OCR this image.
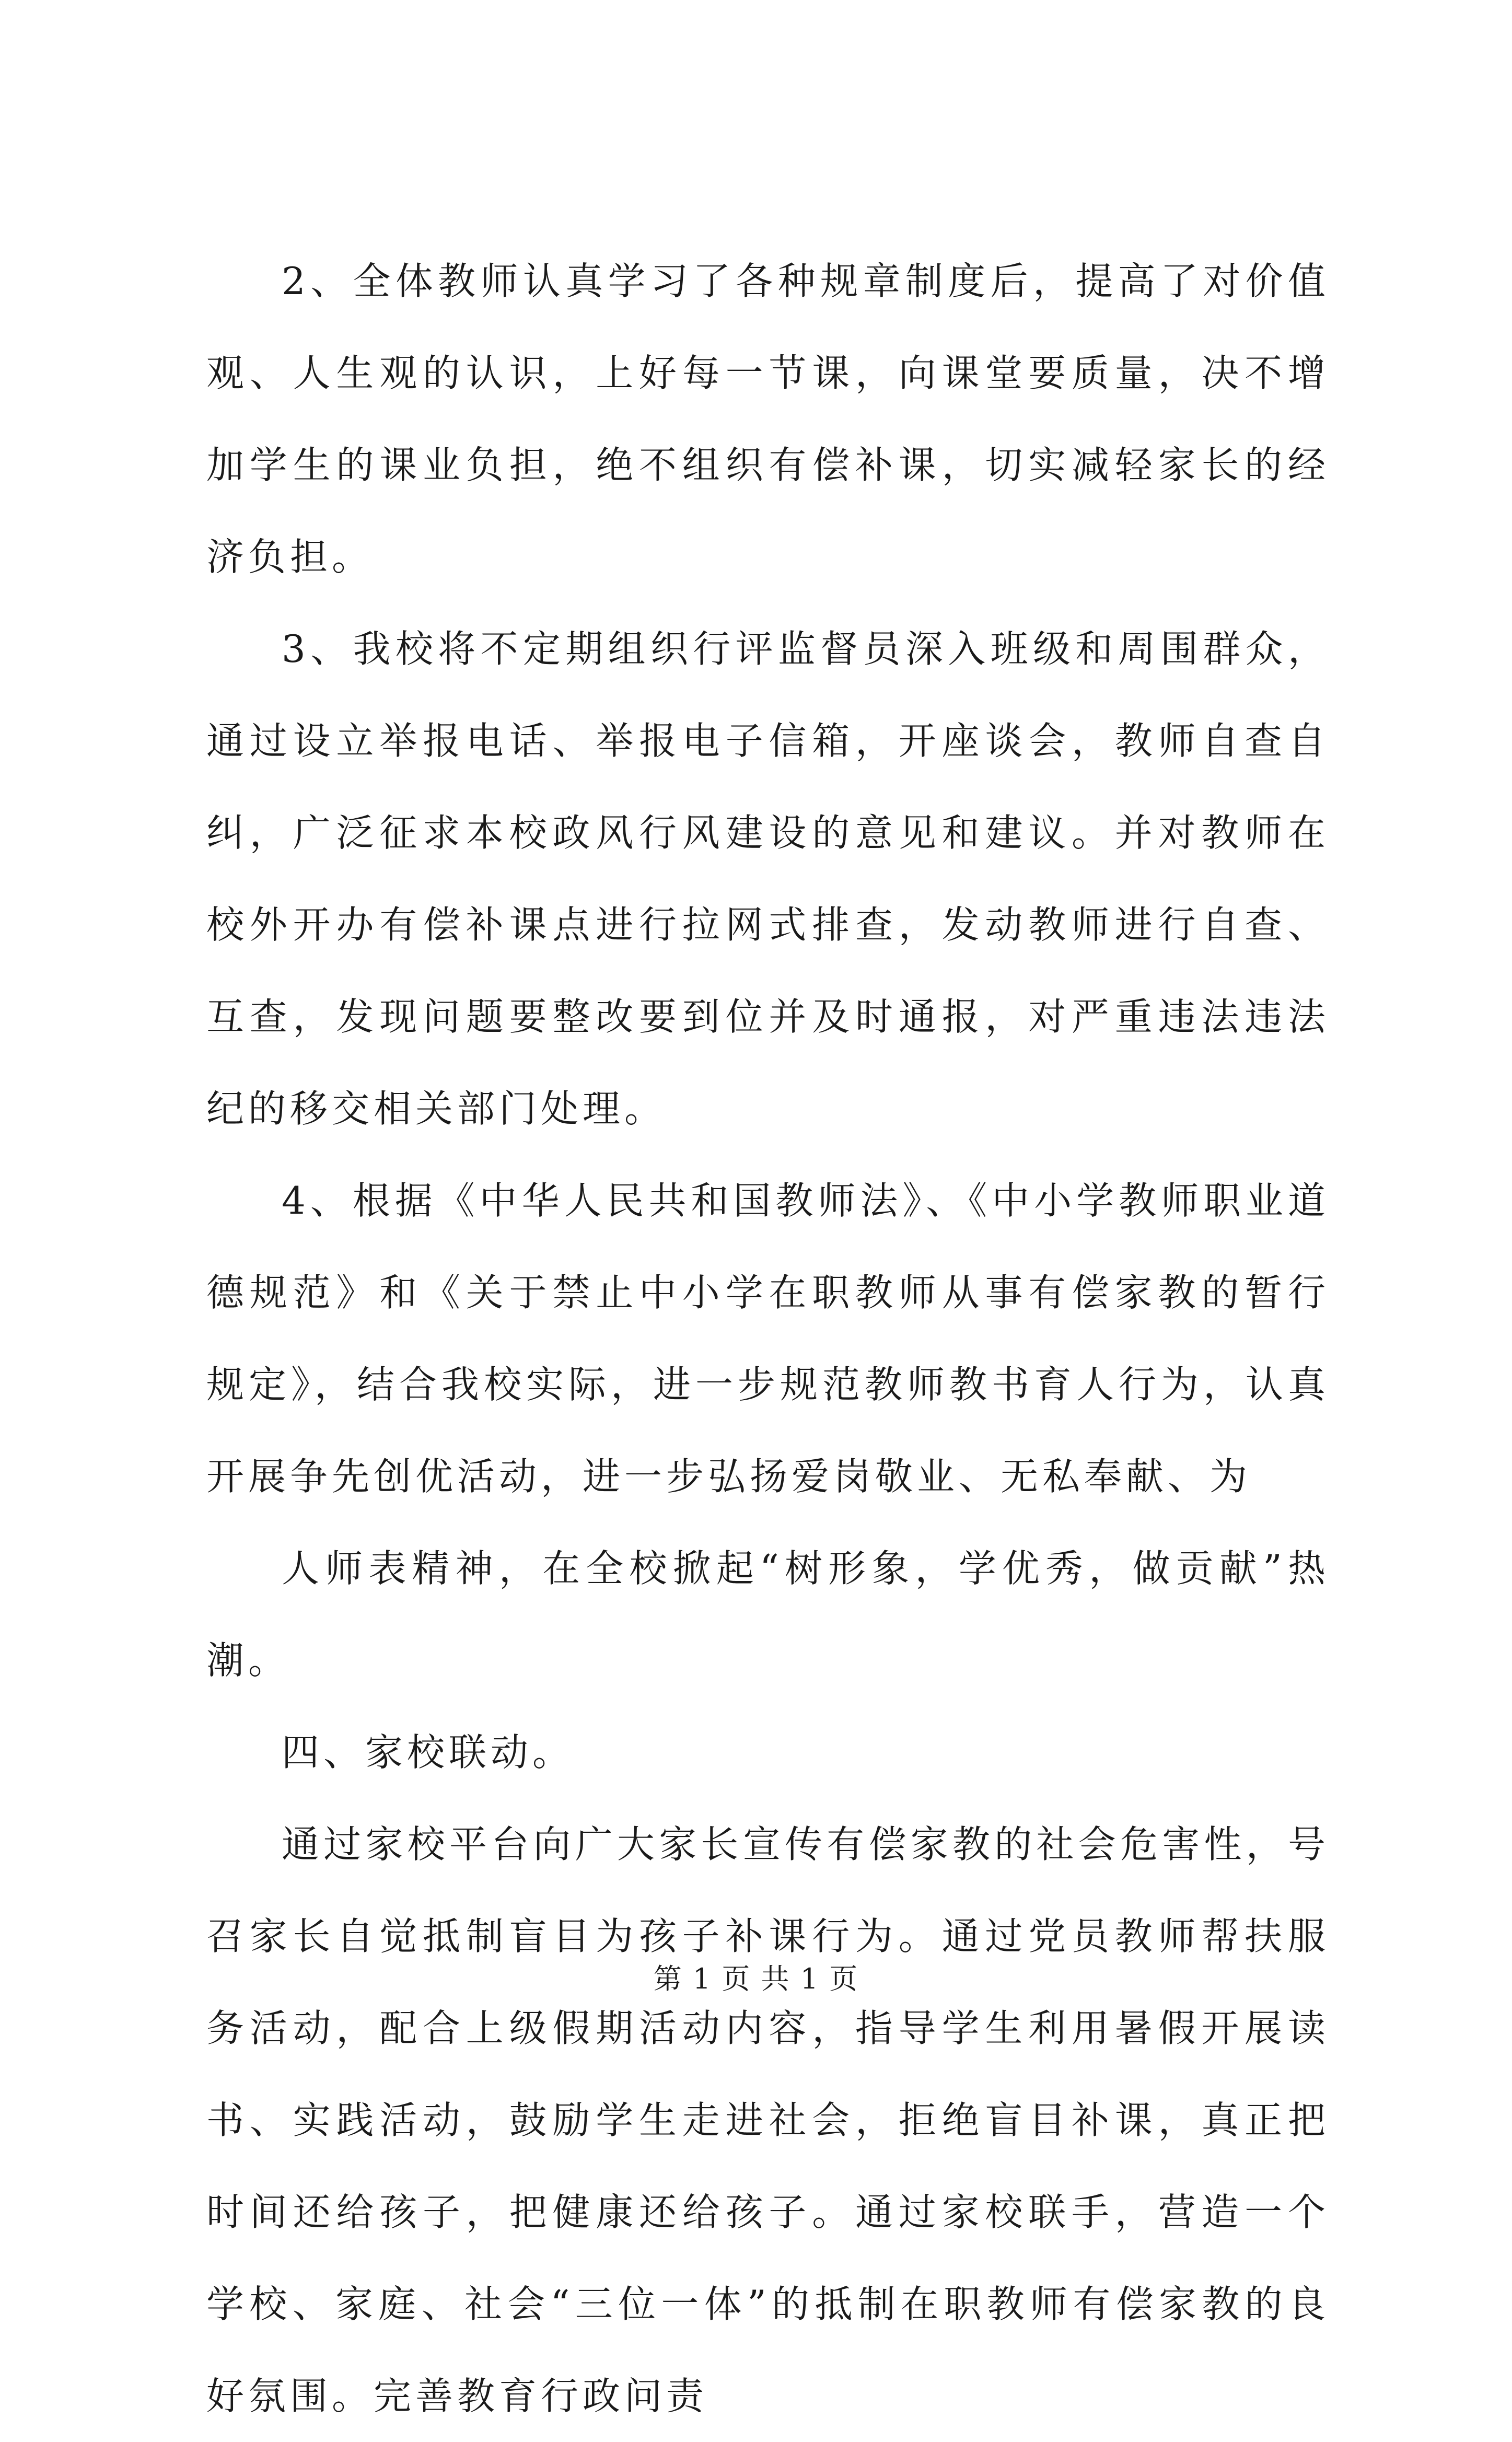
2、全体教师认真学习了各种规章制度后，提高了对价值观、人生观的认识，上好每一节课，向课堂要质量，决不增加学生的课业负担，绝不组织有偿补课，切实减轻家长的经济负担。

3、我校将不定期组织行评监督员深入班级和周围群众，通过设立举报电话、举报电子信箱，开座谈会，教师自查自纠，广泛征求本校政风行风建设的意见和建议。并对教师在校外开办有偿补课点进行拉网式排查，发动教师进行自查、互查，发现问题要整改要到位并及时通报，对严重违法违法纪的移交相关部门处理。

4、根据《中华人民共和国教师法》、《中小学教师职业道德规范》和《关于禁止中小学在职教师从事有偿家教的暂行规定》，结合我校实际，进一步规范教师教书育人行为，认真开展争先创优活动，进一步弘扬爱岗敬业、无私奉献、为

人师表精神，在全校掀起“树形象，学优秀，做贡献”热潮。

四、家校联动。

通过家校平台向广大家长宣传有偿家教的社会危害性，号召家长自觉抵制盲目为孩子补课行为。通过党员教师帮扶服务活动，配合上级假期活动内容，指导学生利用暑假开展读书、实践活动，鼓励学生走进社会，拒绝盲目补课，真正把时间还给孩子，把健康还给孩子。通过家校联手，营造一个学校、家庭、社会“三位一体”的抵制在职教师有偿家教的良好氛围。完善教育行政问责

第 1 页 共 1 页
